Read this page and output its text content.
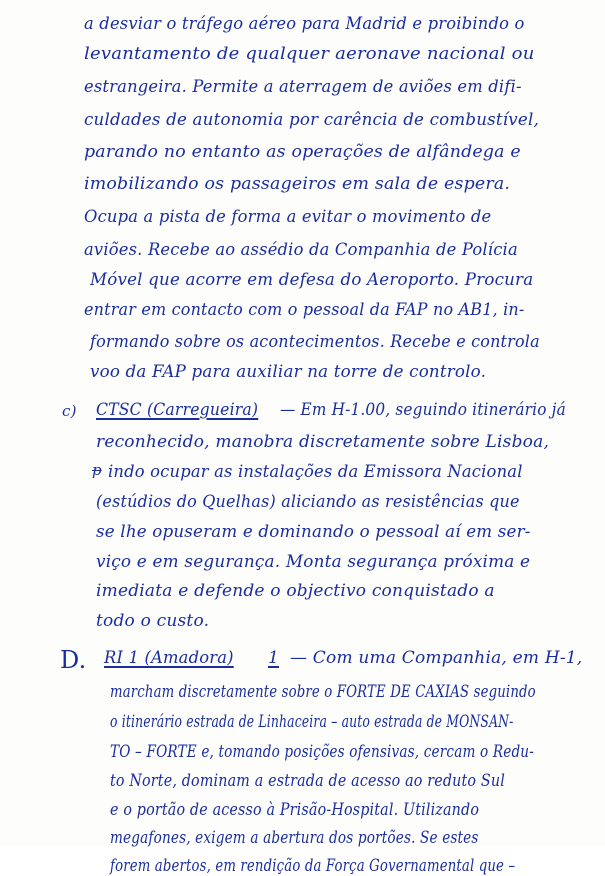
a desviar o tráfego aéreo para Madrid e proibindo o
levantamento de qualquer aeronave nacional ou
estrangeira. Permite a aterragem de aviões em difi-
culdades de autonomia por carência de combustível,
parando no entanto as operações de alfândega e
imobilizando os passageiros em sala de espera.
Ocupa a pista de forma a evitar o movimento de
aviões. Recebe ao assédio da Companhia de Polícia
Móvel que acorre em defesa do Aeroporto. Procura
entrar em contacto com o pessoal da FAP no AB1, in-
formando sobre os acontecimentos. Recebe e controla
voo da FAP para auxiliar na torre de controlo.
c) CTSC (Carregueira) — Em H-1.00, seguindo itinerário já
reconhecido, manobra discretamente sobre Lisboa,
p indo ocupar as instalações da Emissora Nacional
(estúdios do Quelhas) aliciando as resistências que
se lhe opuseram e dominando o pessoal aí em ser-
viço e em segurança. Monta segurança próxima e
imediata e defende o objectivo conquistado a
todo o custo.
D. RI 1 (Amadora) 1 — Com uma Companhia, em H-1,
marcham discretamente sobre o FORTE DE CAXIAS seguindo
o itinerário estrada de Linhaceira – auto estrada de MONSAN-
TO – FORTE e, tomando posições ofensivas, cercam o Redu-
to Norte, dominam a estrada de acesso ao reduto Sul
e o portão de acesso à Prisão-Hospital. Utilizando
megafones, exigem a abertura dos portões. Se estes
forem abertos, em rendição da Força Governamental que –
